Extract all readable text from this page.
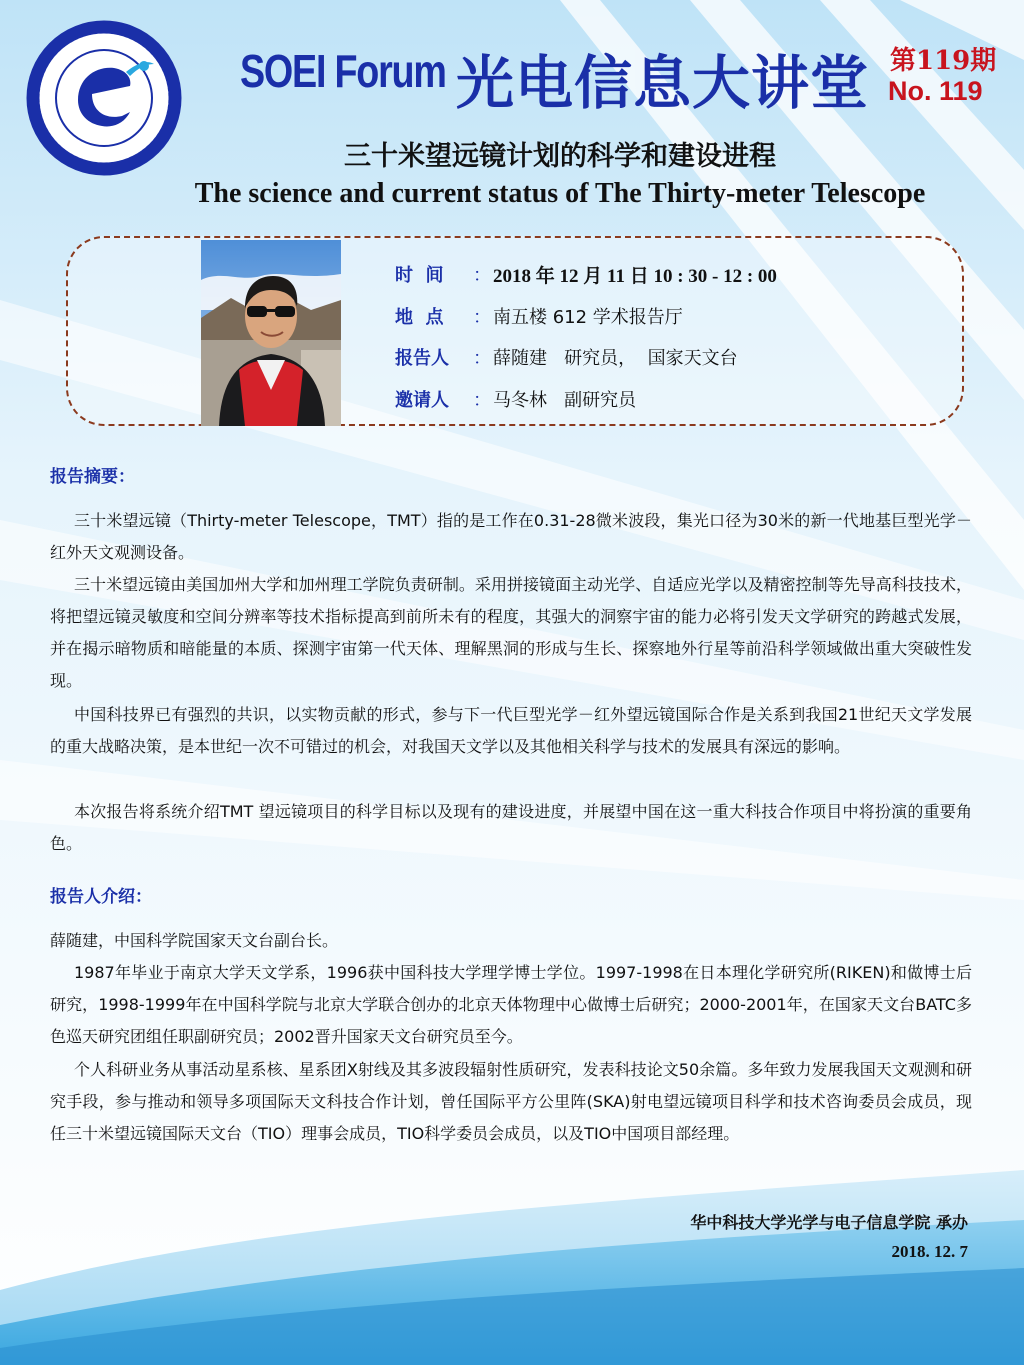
SOEI Forum 光电信息大讲堂 第119期
No. 119
三十米望远镜计划的科学和建设进程
The science and current status of The Thirty-meter Telescope
时  间	： 2018 年 12 月 11 日 10 : 30 - 12 : 00
地  点	： 南五楼 612 学术报告厅
报告人	： 薛随建   研究员，  国家天文台
邀请人	： 马冬林   副研究员
报告摘要：
三十米望远镜（Thirty-meter Telescope，TMT）指的是工作在0.31-28微米波段，集光口径为30米的新一代地基巨型光学－红外天文观测设备。
三十米望远镜由美国加州大学和加州理工学院负责研制。采用拼接镜面主动光学、自适应光学以及精密控制等先导高科技技术，将把望远镜灵敏度和空间分辨率等技术指标提高到前所未有的程度，其强大的洞察宇宙的能力必将引发天文学研究的跨越式发展，并在揭示暗物质和暗能量的本质、探测宇宙第一代天体、理解黑洞的形成与生长、探察地外行星等前沿科学领域做出重大突破性发现。
中国科技界已有强烈的共识，以实物贡献的形式，参与下一代巨型光学－红外望远镜国际合作是关系到我国21世纪天文学发展的重大战略决策，是本世纪一次不可错过的机会，对我国天文学以及其他相关科学与技术的发展具有深远的影响。
本次报告将系统介绍TMT 望远镜项目的科学目标以及现有的建设进度，并展望中国在这一重大科技合作项目中将扮演的重要角色。
报告人介绍：
薛随建，中国科学院国家天文台副台长。
1987年毕业于南京大学天文学系，1996获中国科技大学理学博士学位。1997-1998在日本理化学研究所(RIKEN)和做博士后研究，1998-1999年在中国科学院与北京大学联合创办的北京天体物理中心做博士后研究；2000-2001年，在国家天文台BATC多色巡天研究团组任职副研究员；2002晋升国家天文台研究员至今。
个人科研业务从事活动星系核、星系团X射线及其多波段辐射性质研究，发表科技论文50余篇。多年致力发展我国天文观测和研究手段，参与推动和领导多项国际天文科技合作计划，曾任国际平方公里阵(SKA)射电望远镜项目科学和技术咨询委员会成员，现任三十米望远镜国际天文台（TIO）理事会成员，TIO科学委员会成员，以及TIO中国项目部经理。
华中科技大学光学与电子信息学院 承办
2018. 12. 7
